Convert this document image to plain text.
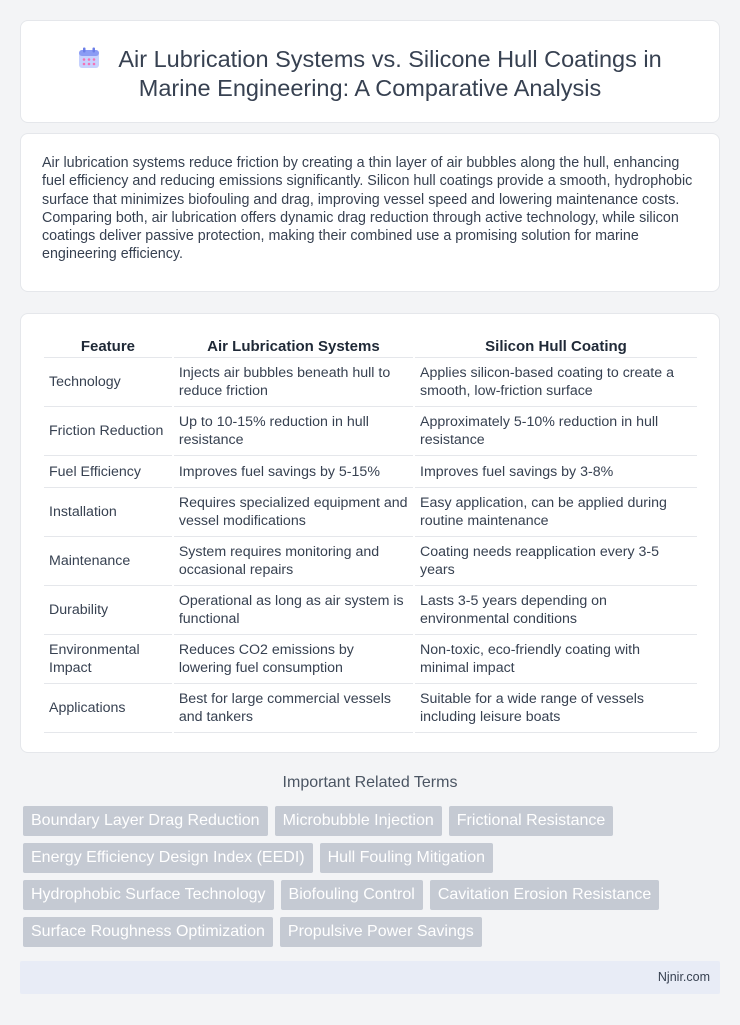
Air Lubrication Systems vs. Silicone Hull Coatings in Marine Engineering: A Comparative Analysis

Air lubrication systems reduce friction by creating a thin layer of air bubbles along the hull, enhancing fuel efficiency and reducing emissions significantly. Silicon hull coatings provide a smooth, hydrophobic surface that minimizes biofouling and drag, improving vessel speed and lowering maintenance costs. Comparing both, air lubrication offers dynamic drag reduction through active technology, while silicon coatings deliver passive protection, making their combined use a promising solution for marine engineering efficiency.

Feature	Air Lubrication Systems	Silicon Hull Coating
Technology	Injects air bubbles beneath hull to reduce friction	Applies silicon-based coating to create a smooth, low-friction surface
Friction Reduction	Up to 10-15% reduction in hull resistance	Approximately 5-10% reduction in hull resistance
Fuel Efficiency	Improves fuel savings by 5-15%	Improves fuel savings by 3-8%
Installation	Requires specialized equipment and vessel modifications	Easy application, can be applied during routine maintenance
Maintenance	System requires monitoring and occasional repairs	Coating needs reapplication every 3-5 years
Durability	Operational as long as air system is functional	Lasts 3-5 years depending on environmental conditions
Environmental Impact	Reduces CO2 emissions by lowering fuel consumption	Non-toxic, eco-friendly coating with minimal impact
Applications	Best for large commercial vessels and tankers	Suitable for a wide range of vessels including leisure boats
Important Related Terms
Boundary Layer Drag Reduction	Microbubble Injection	Frictional Resistance
Energy Efficiency Design Index (EEDI)	Hull Fouling Mitigation
Hydrophobic Surface Technology	Biofouling Control	Cavitation Erosion Resistance
Surface Roughness Optimization	Propulsive Power Savings
Njnir.com
